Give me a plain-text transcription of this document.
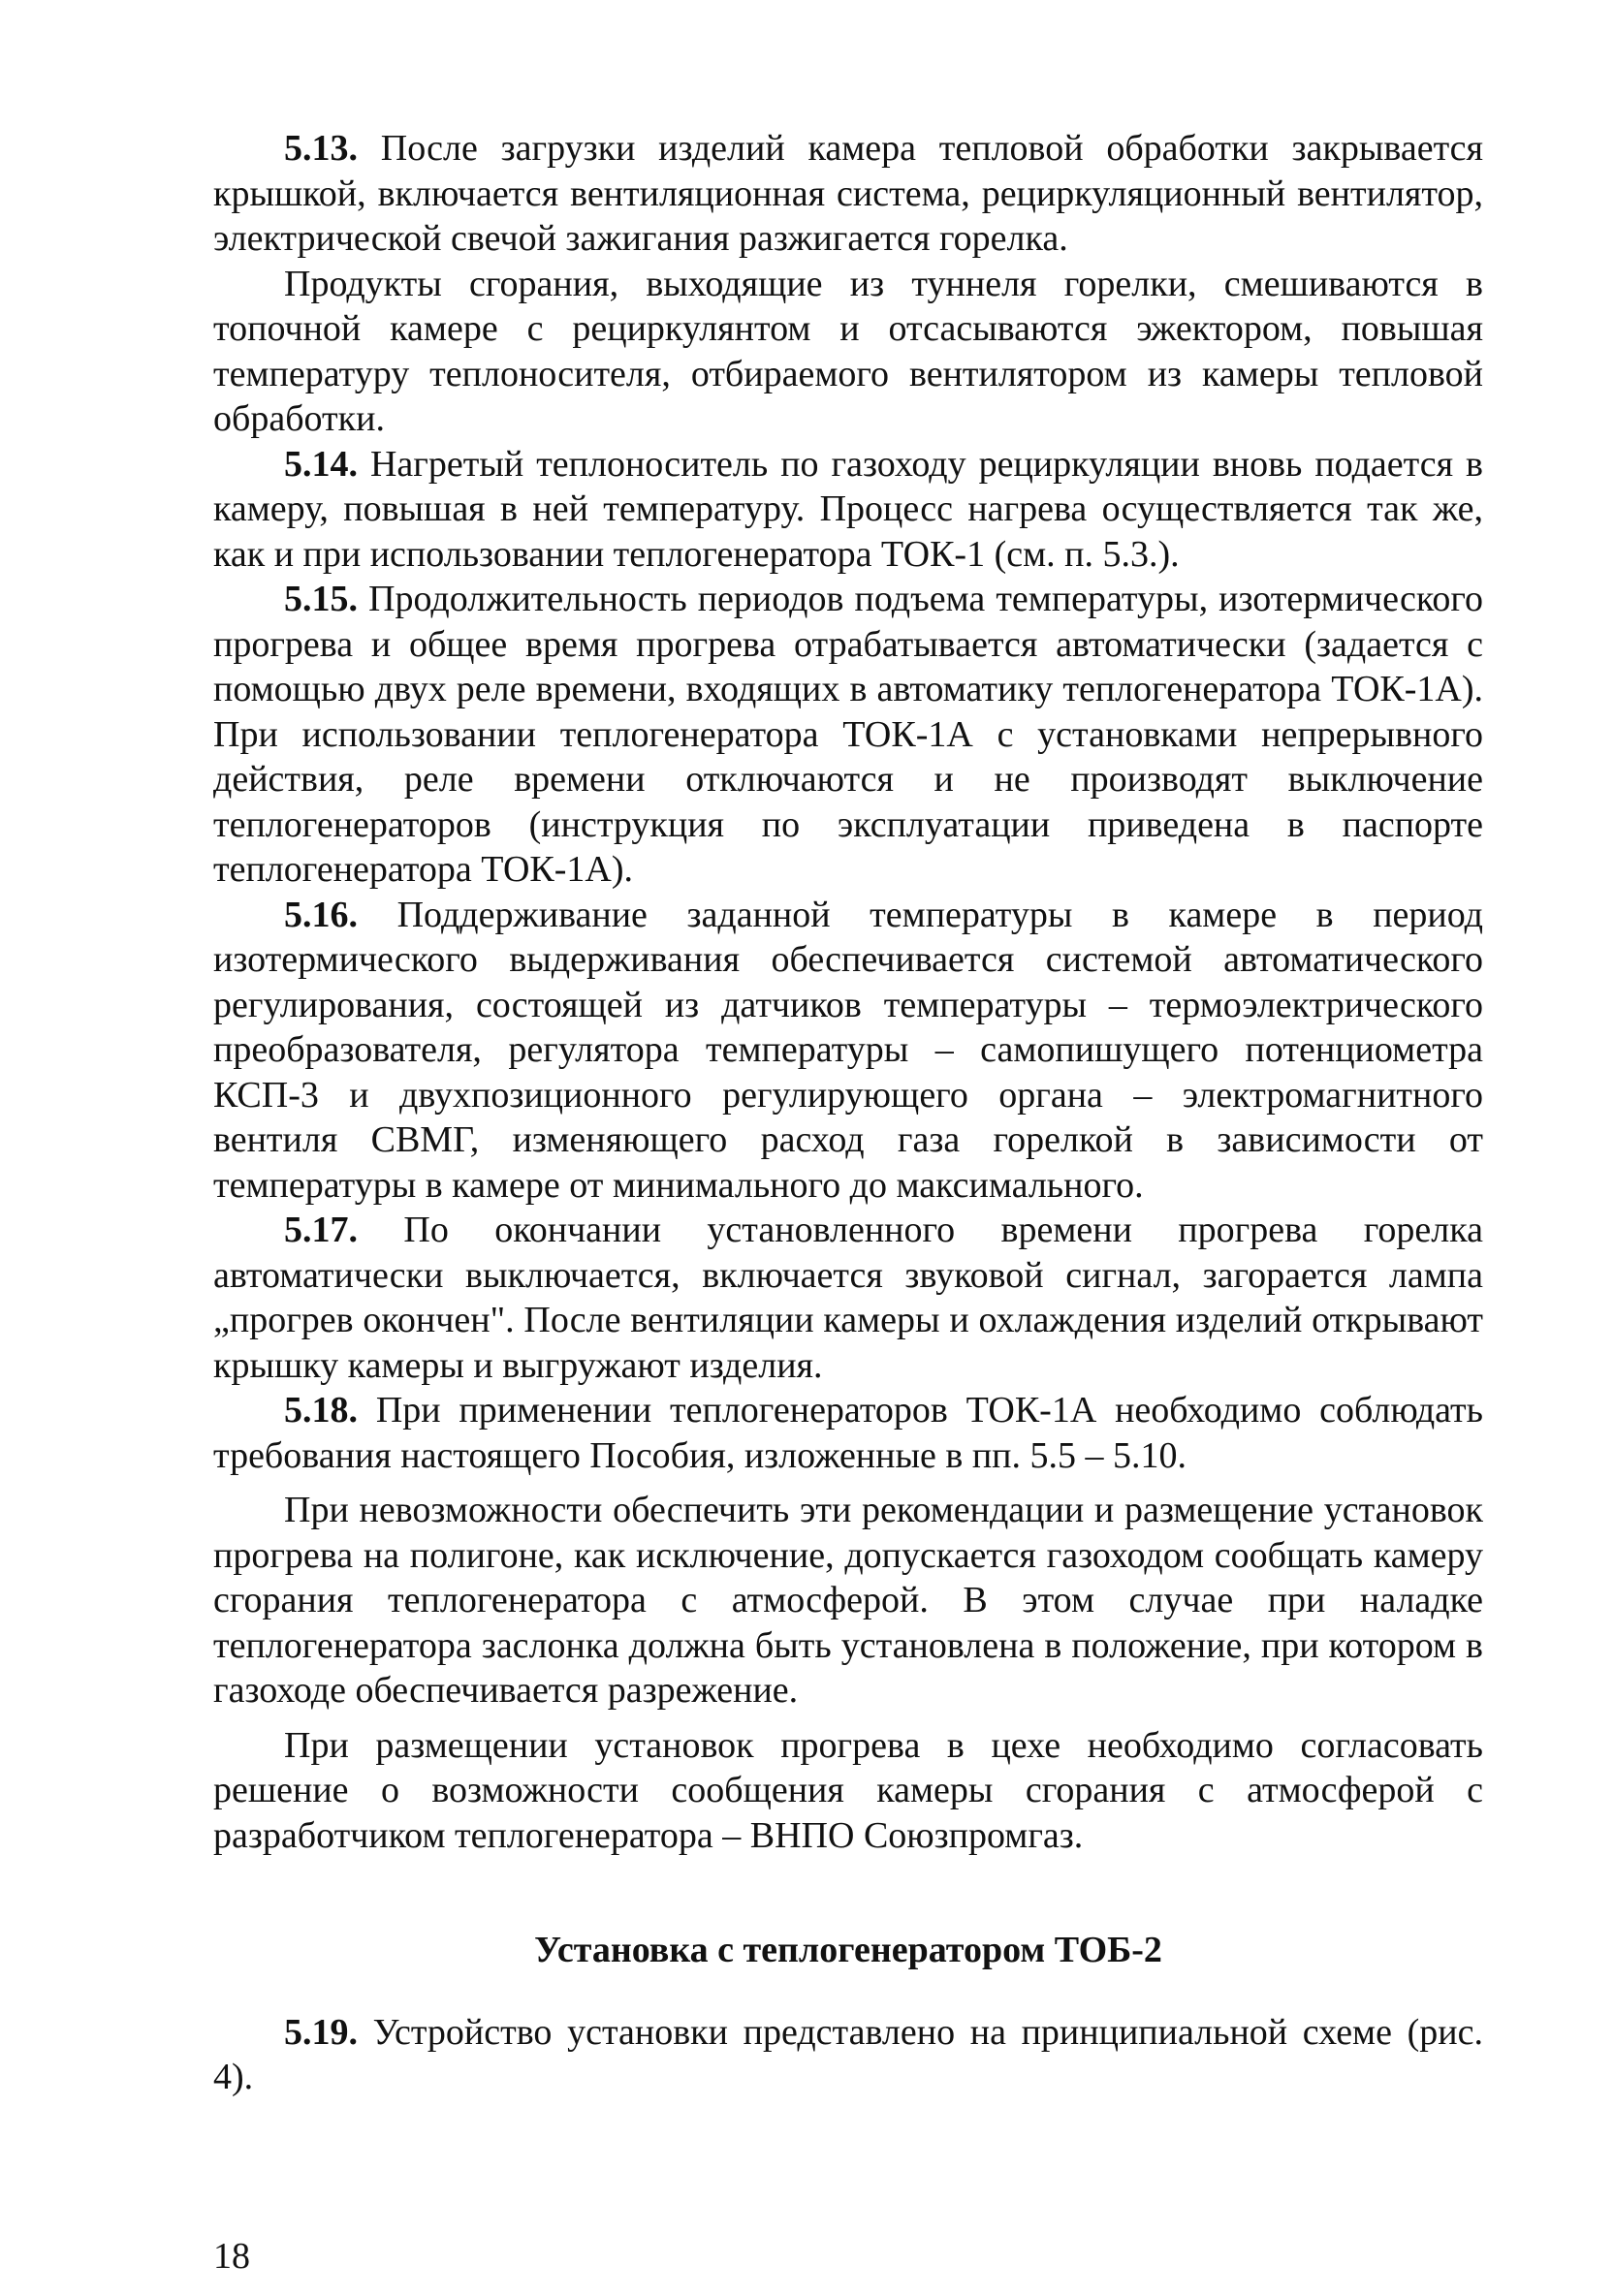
5.13. После загрузки изделий камера тепловой обработки закрывается крышкой, включается вентиляционная система, рециркуляционный вентилятор, электрической свечой зажигания разжигается горелка.

Продукты сгорания, выходящие из туннеля горелки, смешиваются в топочной камере с рециркулянтом и отсасываются эжектором, повышая температуру теплоносителя, отбираемого вентилятором из камеры тепловой обработки.

5.14. Нагретый теплоноситель по газоходу рециркуляции вновь подается в камеру, повышая в ней температуру. Процесс нагрева осуществляется так же, как и при использовании теплогенератора ТОК-1 (см. п. 5.3.).

5.15. Продолжительность периодов подъема температуры, изотермического прогрева и общее время прогрева отрабатывается автоматически (задается с помощью двух реле времени, входящих в автоматику теплогенератора ТОК-1А). При использовании теплогенератора ТОК-1А с установками непрерывного действия, реле времени отключаются и не производят выключение теплогенераторов (инструкция по эксплуатации приведена в паспорте теплогенератора ТОК-1А).

5.16. Поддерживание заданной температуры в камере в период изотермического выдерживания обеспечивается системой автоматического регулирования, состоящей из датчиков температуры – термоэлектрического преобразователя, регулятора температуры – самопишущего потенциометра КСП-3 и двухпозиционного регулирующего органа – электромагнитного вентиля СВМГ, изменяющего расход газа горелкой в зависимости от температуры в камере от минимального до максимального.

5.17. По окончании установленного времени прогрева горелка автоматически выключается, включается звуковой сигнал, загорается лампа „прогрев окончен". После вентиляции камеры и охлаждения изделий открывают крышку камеры и выгружают изделия.

5.18. При применении теплогенераторов ТОК-1А необходимо соблюдать требования настоящего Пособия, изложенные в пп. 5.5 – 5.10.

При невозможности обеспечить эти рекомендации и размещение установок прогрева на полигоне, как исключение, допускается газоходом сообщать камеру сгорания теплогенератора с атмосферой. В этом случае при наладке теплогенератора заслонка должна быть установлена в положение, при котором в газоходе обеспечивается разрежение.

При размещении установок прогрева в цехе необходимо согласовать решение о возможности сообщения камеры сгорания с атмосферой с разработчиком теплогенератора – ВНПО Союзпромгаз.

Установка с теплогенератором ТОБ-2

5.19. Устройство установки представлено на принципиальной схеме (рис. 4).

18
